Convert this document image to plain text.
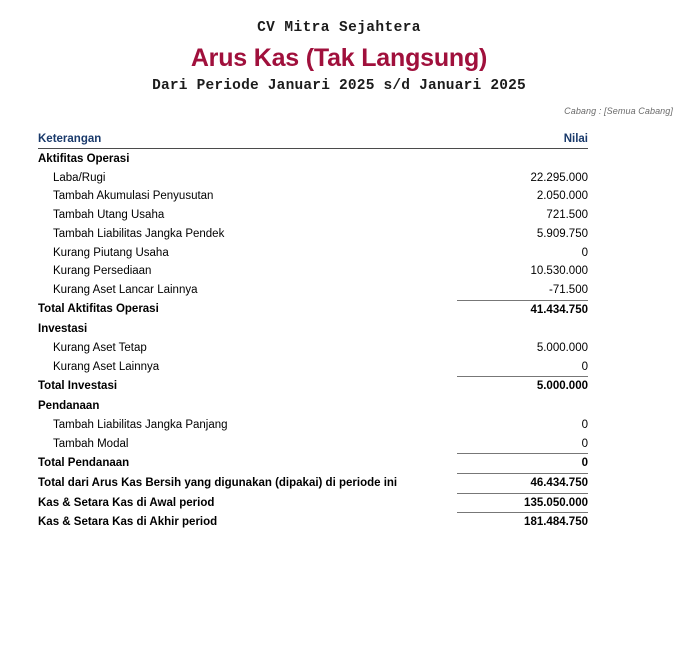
CV Mitra Sejahtera
Arus Kas (Tak Langsung)
Dari Periode Januari 2025 s/d Januari 2025
Cabang : [Semua Cabang]
Keterangan	Nilai
Aktifitas Operasi	
Laba/Rugi	22.295.000
Tambah Akumulasi Penyusutan	2.050.000
Tambah Utang Usaha	721.500
Tambah Liabilitas Jangka Pendek	5.909.750
Kurang Piutang Usaha	0
Kurang Persediaan	10.530.000
Kurang Aset Lancar Lainnya	-71.500
Total Aktifitas Operasi	41.434.750
Investasi	
Kurang Aset Tetap	5.000.000
Kurang Aset Lainnya	0
Total Investasi	5.000.000
Pendanaan	
Tambah Liabilitas Jangka Panjang	0
Tambah Modal	0
Total Pendanaan	0
Total dari Arus Kas Bersih yang digunakan (dipakai) di periode ini	46.434.750
Kas & Setara Kas di Awal period	135.050.000
Kas & Setara Kas di Akhir period	181.484.750
